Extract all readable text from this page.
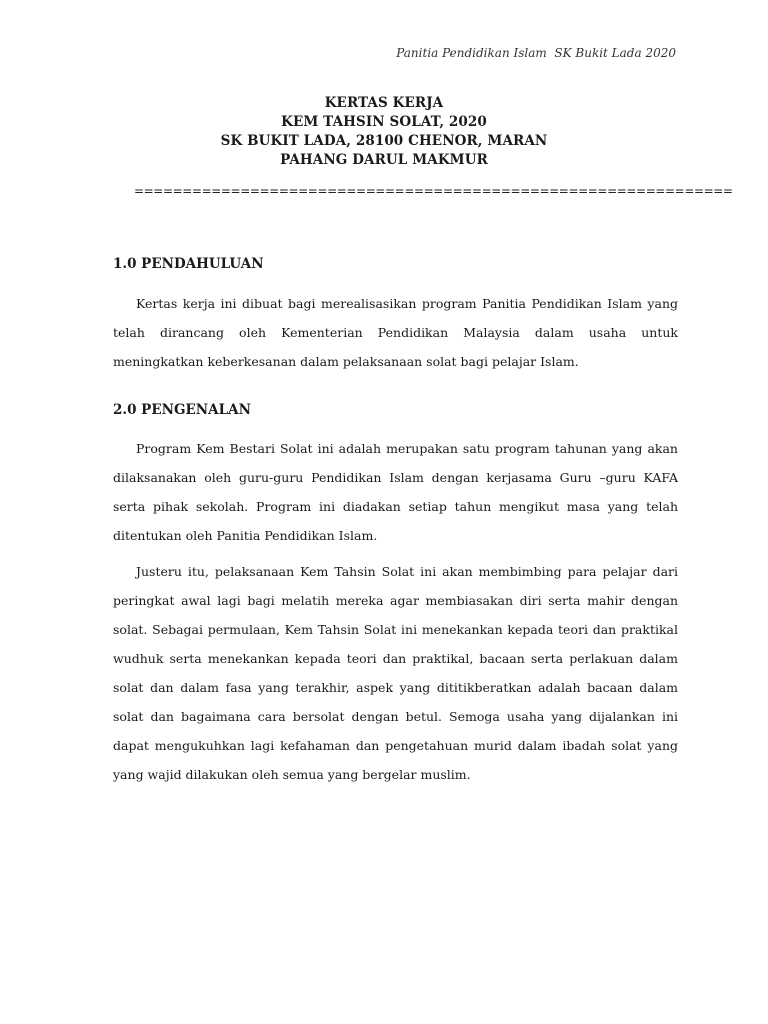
Panitia Pendidikan Islam  SK Bukit Lada 2020
KERTAS KERJA
KEM TAHSIN SOLAT, 2020
SK BUKIT LADA, 28100 CHENOR, MARAN
PAHANG DARUL MAKMUR
==============================================================

1.0 PENDAHULUAN

Kertas kerja ini dibuat bagi merealisasikan program Panitia Pendidikan Islam yang telah dirancang oleh Kementerian Pendidikan Malaysia dalam usaha untuk meningkatkan keberkesanan dalam pelaksanaan solat bagi pelajar Islam.

2.0 PENGENALAN

Program Kem Bestari Solat ini adalah merupakan satu program tahunan yang akan dilaksanakan oleh guru-guru Pendidikan Islam dengan kerjasama Guru –guru KAFA serta pihak sekolah. Program ini diadakan setiap tahun mengikut masa yang telah ditentukan oleh Panitia Pendidikan Islam.

Justeru itu, pelaksanaan Kem Tahsin Solat ini akan membimbing para pelajar dari peringkat awal lagi bagi melatih mereka agar membiasakan diri serta mahir dengan solat. Sebagai permulaan, Kem Tahsin Solat ini menekankan kepada teori dan praktikal wudhuk serta menekankan kepada teori dan praktikal, bacaan serta perlakuan dalam solat dan dalam fasa yang terakhir, aspek yang dititikberatkan adalah bacaan dalam solat dan bagaimana cara bersolat dengan betul. Semoga usaha yang dijalankan ini dapat mengukuhkan lagi kefahaman dan pengetahuan murid dalam ibadah solat yang yang wajid dilakukan oleh semua yang bergelar muslim.
